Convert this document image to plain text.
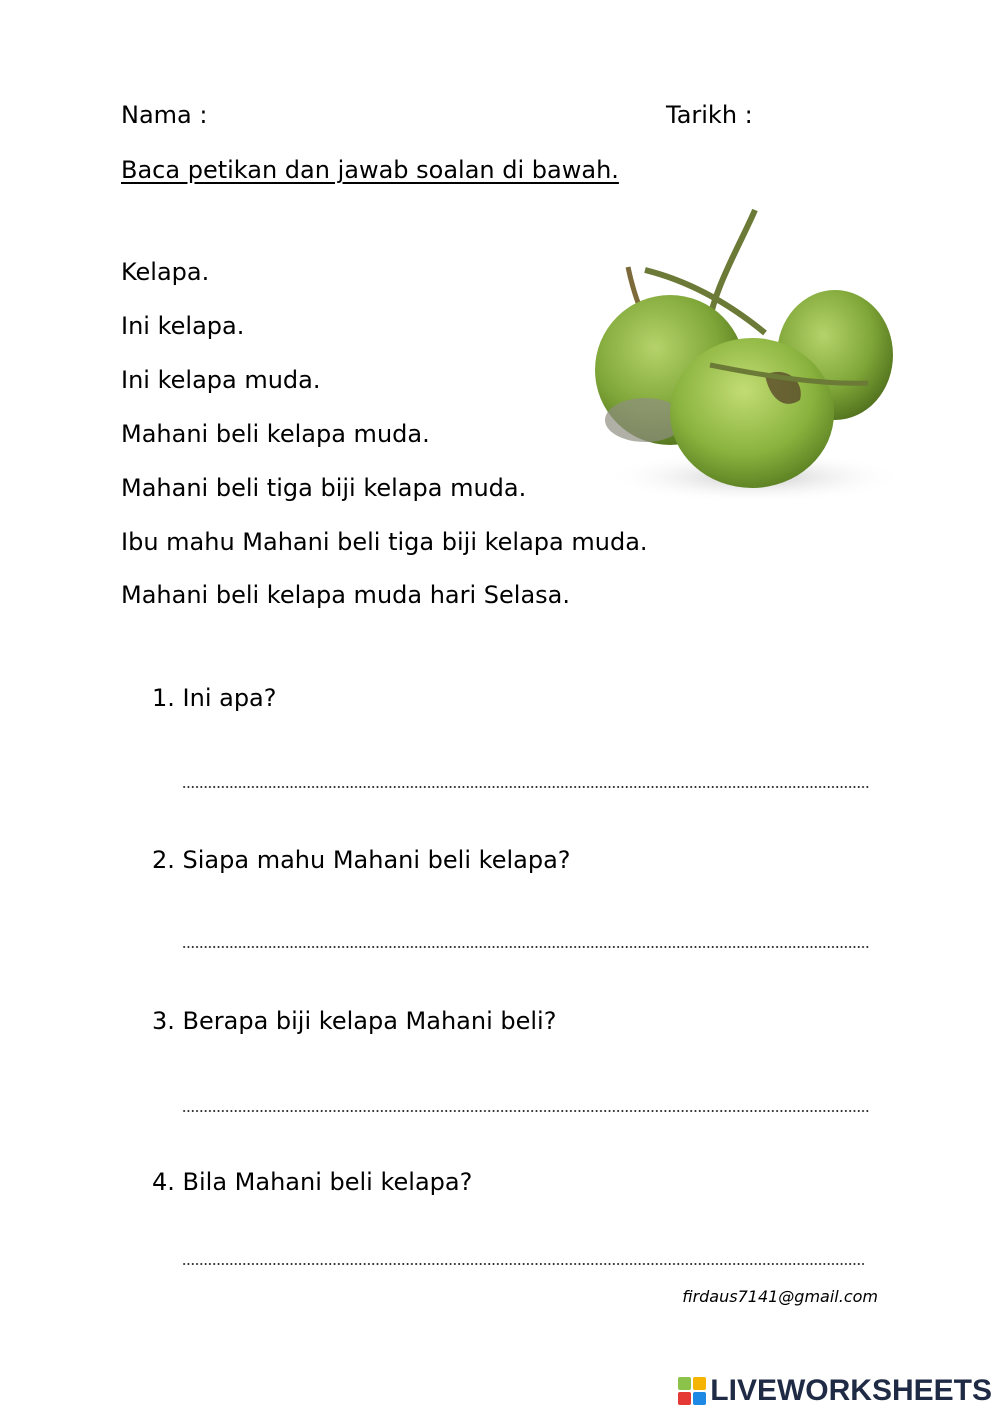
Nama :	Tarikh :
Baca petikan dan jawab soalan di bawah.
Kelapa.
Ini kelapa.
Ini kelapa muda.
Mahani beli kelapa muda.
Mahani beli tiga biji kelapa muda.
Ibu mahu Mahani beli tiga biji kelapa muda.
Mahani beli kelapa muda hari Selasa.
1. Ini apa?
2. Siapa mahu Mahani beli kelapa?
3. Berapa biji kelapa Mahani beli?
4. Bila Mahani beli kelapa?
firdaus7141@gmail.com
LIVEWORKSHEETS
